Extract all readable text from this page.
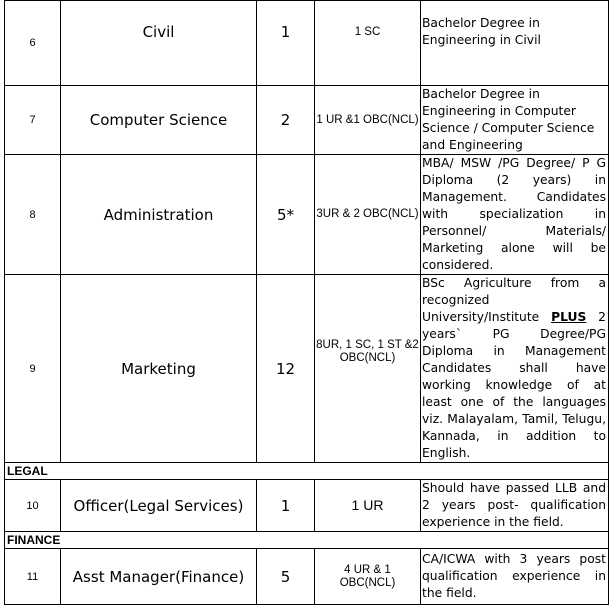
6	Civil	1	1 SC	Bachelor Degree in Engineering in Civil
7	Computer Science	2	1 UR &1 OBC(NCL)	Bachelor Degree in Engineering in Computer Science / Computer Science and Engineering
8	Administration	5*	3UR & 2 OBC(NCL)	MBA/ MSW /PG Degree/ P G Diploma (2 years) in Management. Candidates with specialization in Personnel/ Materials/ Marketing alone will be considered.
9	Marketing	12	8UR, 1 SC, 1 ST &2 OBC(NCL)	BSc Agriculture from a recognized University/Institute PLUS 2 years` PG Degree/PG Diploma in Management Candidates shall have working knowledge of at least one of the languages viz. Malayalam, Tamil, Telugu, Kannada, in addition to English.
LEGAL				
10	Officer(Legal Services)	1	1 UR	Should have passed LLB and 2 years post- qualification experience in the field.
FINANCE				
11	Asst Manager(Finance)	5	4 UR & 1 OBC(NCL)	CA/ICWA with 3 years post qualification experience in the field.
